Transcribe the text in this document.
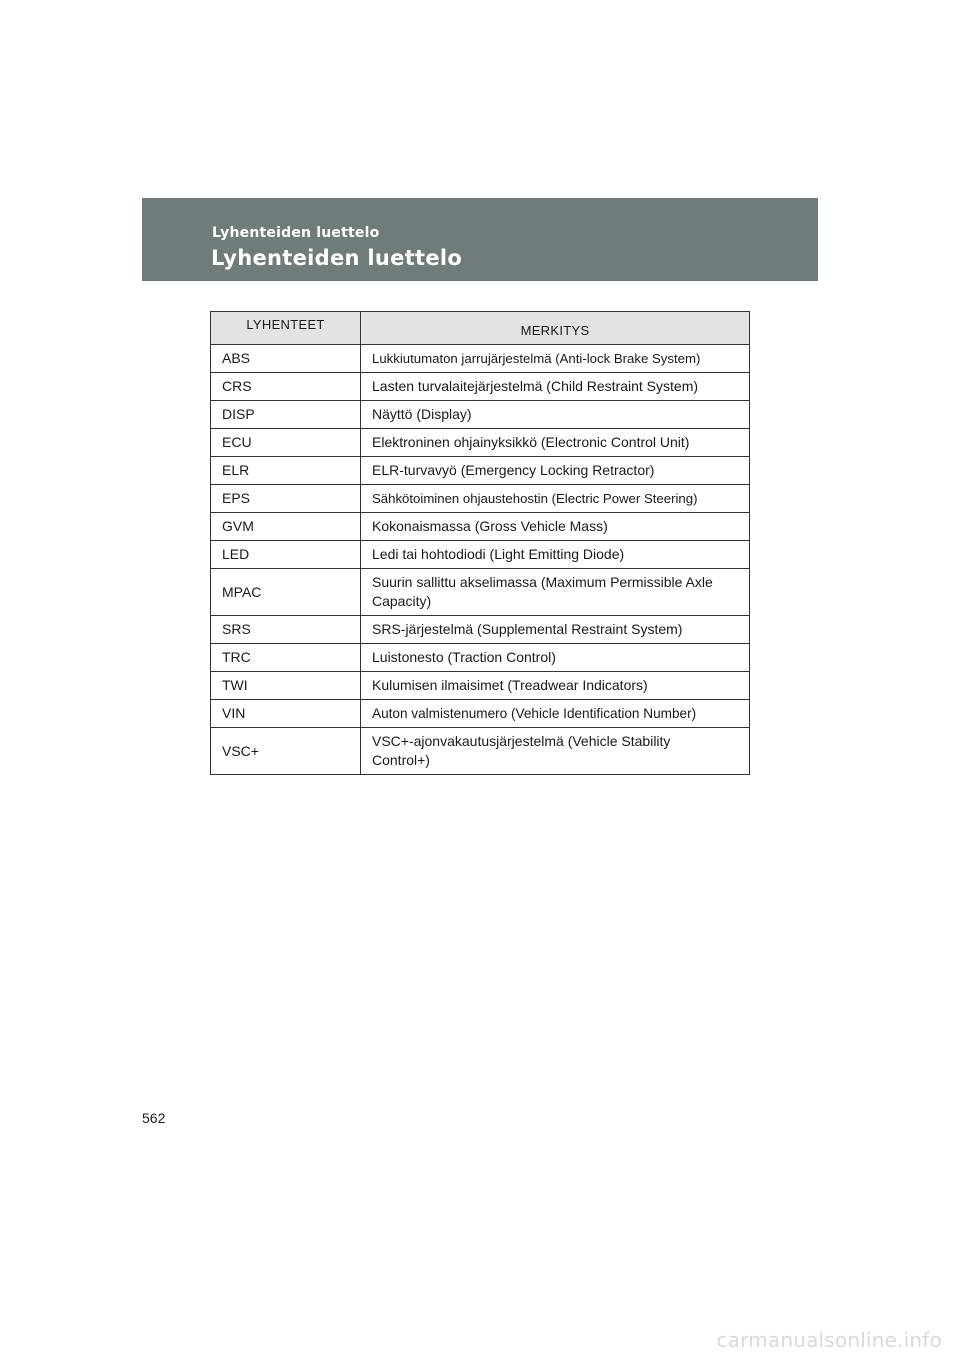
Lyhenteiden luettelo
Lyhenteiden luettelo
LYHENTEET	MERKITYS
ABS	Lukkiutumaton jarrujärjestelmä (Anti-lock Brake System)
CRS	Lasten turvalaitejärjestelmä (Child Restraint System)
DISP	Näyttö (Display)
ECU	Elektroninen ohjainyksikkö (Electronic Control Unit)
ELR	ELR-turvavyö (Emergency Locking Retractor)
EPS	Sähkötoiminen ohjaustehostin (Electric Power Steering)
GVM	Kokonaismassa (Gross Vehicle Mass)
LED	Ledi tai hohtodiodi (Light Emitting Diode)
MPAC	Suurin sallittu akselimassa (Maximum Permissible Axle Capacity)
SRS	SRS-järjestelmä (Supplemental Restraint System)
TRC	Luistonesto (Traction Control)
TWI	Kulumisen ilmaisimet (Treadwear Indicators)
VIN	Auton valmistenumero (Vehicle Identification Number)
VSC+	VSC+-ajonvakautusjärjestelmä (Vehicle Stability Control+)
562
carmanualsonline.info
